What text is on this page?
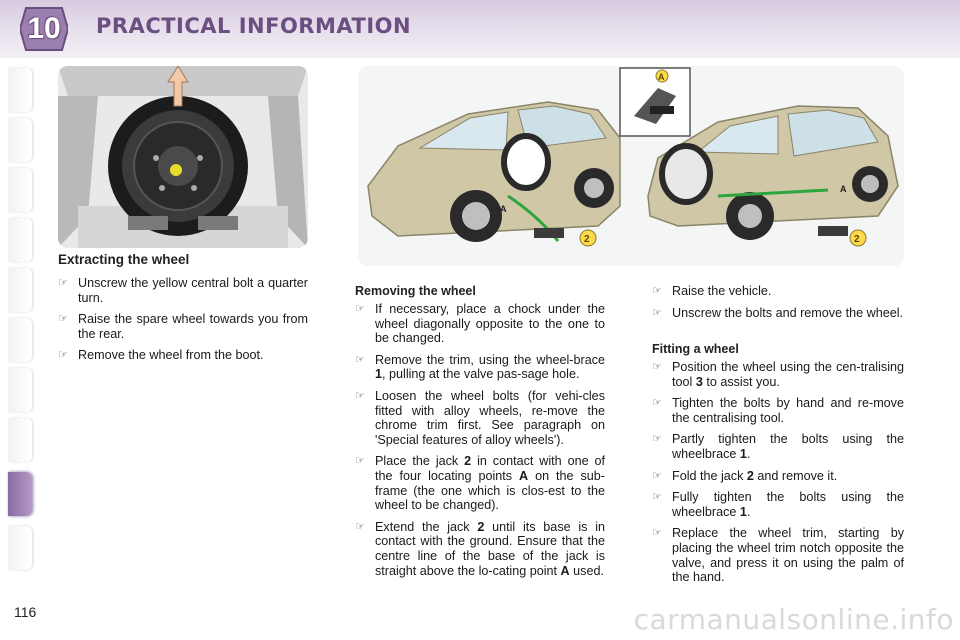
10	PRACTICAL INFORMATION
2
A
A
2
A
Extracting the wheel
☞ Unscrew the yellow central bolt a quarter turn.
☞ Raise the spare wheel towards you from the rear.
☞ Remove the wheel from the boot.
Removing the wheel
☞ If necessary, place a chock under the wheel diagonally opposite to the one to be changed.
☞ Remove the trim, using the wheel-brace 1, pulling at the valve pas-sage hole.
☞ Loosen the wheel bolts (for vehi-cles fitted with alloy wheels, re-move the chrome trim first. See paragraph on 'Special features of alloy wheels').
☞ Place the jack 2 in contact with one of the four locating points A on the sub-frame (the one which is clos-est to the wheel to be changed).
☞ Extend the jack 2 until its base is in contact with the ground. Ensure that the centre line of the base of the jack is straight above the lo-cating point A used.
☞ Raise the vehicle.
☞ Unscrew the bolts and remove the wheel.
Fitting a wheel
☞ Position the wheel using the cen-tralising tool 3 to assist you.
☞ Tighten the bolts by hand and re-move the centralising tool.
☞ Partly tighten the bolts using the wheelbrace 1.
☞ Fold the jack 2 and remove it.
☞ Fully tighten the bolts using the wheelbrace 1.
☞ Replace the wheel trim, starting by placing the wheel trim notch opposite the valve, and press it on using the palm of the hand.
116	carmanualsonline.info
